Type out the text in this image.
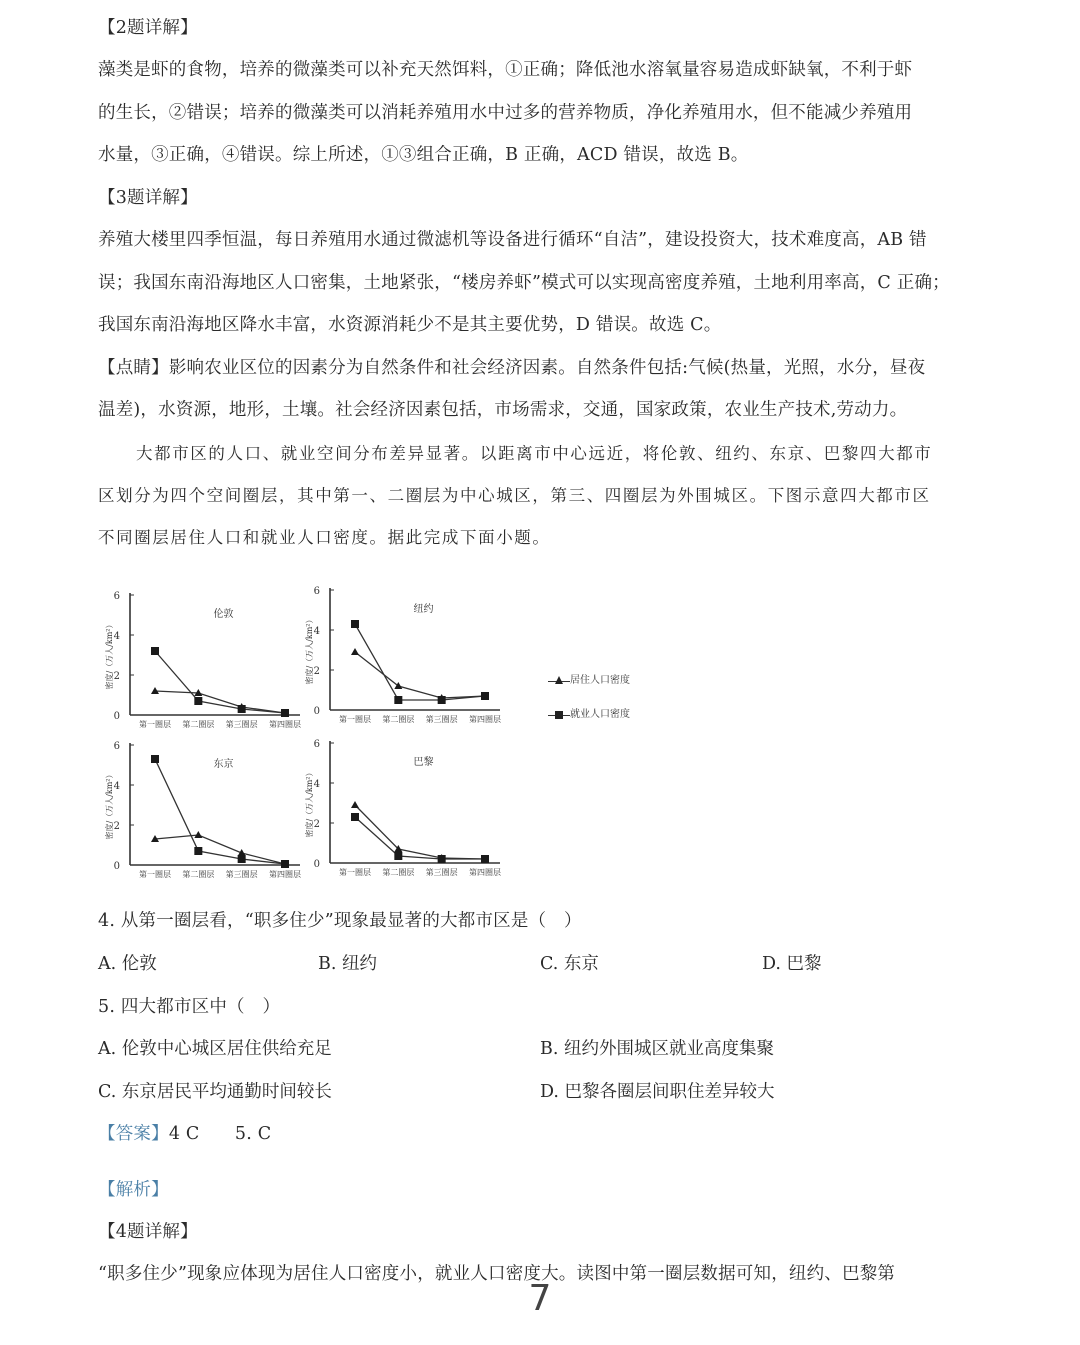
【2题详解】
藻类是虾的食物，培养的微藻类可以补充天然饵料，①正确；降低池水溶氧量容易造成虾缺氧，不利于虾
的生长，②错误；培养的微藻类可以消耗养殖用水中过多的营养物质，净化养殖用水，但不能减少养殖用
水量，③正确，④错误。综上所述，①③组合正确，B 正确，ACD 错误，故选 B。
【3题详解】
养殖大楼里四季恒温，每日养殖用水通过微滤机等设备进行循环“自洁”，建设投资大，技术难度高，AB 错
误；我国东南沿海地区人口密集，土地紧张，“楼房养虾”模式可以实现高密度养殖，土地利用率高，C 正确；
我国东南沿海地区降水丰富，水资源消耗少不是其主要优势，D 错误。故选 C。
【点睛】影响农业区位的因素分为自然条件和社会经济因素。自然条件包括:气候(热量，光照，水分，昼夜
温差)，水资源，地形，土壤。社会经济因素包括，市场需求，交通，国家政策，农业生产技术,劳动力。
大都市区的人口、就业空间分布差异显著。以距离市中心远近，将伦敦、纽约、东京、巴黎四大都市
区划分为四个空间圈层，其中第一、二圈层为中心城区，第三、四圈层为外围城区。下图示意四大都市区
不同圈层居住人口和就业人口密度。据此完成下面小题。
0
2
4
6
密度/（万人/km²）
第一圈层 第二圈层 第三圈层 第四圈层
伦敦
0
2
4
6
密度/（万人/km²）
第一圈层 第二圈层 第三圈层 第四圈层
纽约
0
2
4
6
密度/（万人/km²）
第一圈层 第二圈层 第三圈层 第四圈层
东京
0
2
4
6
密度/（万人/km²）
第一圈层 第二圈层 第三圈层 第四圈层
巴黎
居住人口密度
就业人口密度
4. 从第一圈层看，“职多住少”现象最显著的大都市区是（　）
A. 伦敦	B. 纽约	C. 东京	D. 巴黎
5. 四大都市区中（　）
A. 伦敦中心城区居住供给充足	B. 纽约外围城区就业高度集聚
C. 东京居民平均通勤时间较长	D. 巴黎各圈层间职住差异较大
【答案】4 C　　5. C
【解析】
【4题详解】
“职多住少”现象应体现为居住人口密度小，就业人口密度大。读图中第一圈层数据可知，纽约、巴黎第
7
